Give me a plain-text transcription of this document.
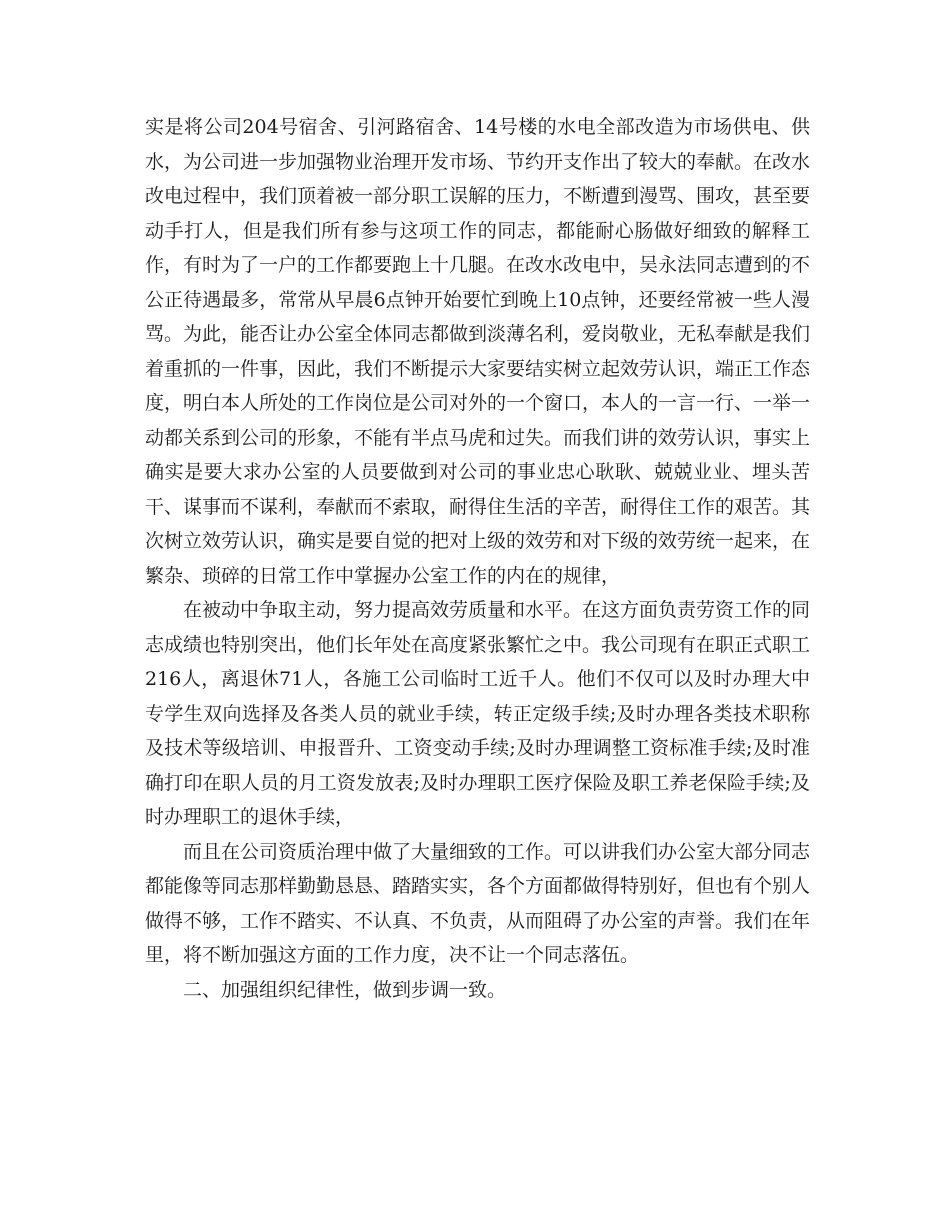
实是将公司204号宿舍、引河路宿舍、14号楼的水电全部改造为市场供电、供水，为公司进一步加强物业治理开发市场、节约开支作出了较大的奉献。在改水改电过程中，我们顶着被一部分职工误解的压力，不断遭到漫骂、围攻，甚至要动手打人，但是我们所有参与这项工作的同志，都能耐心肠做好细致的解释工作，有时为了一户的工作都要跑上十几腿。在改水改电中，吴永法同志遭到的不公正待遇最多，常常从早晨6点钟开始要忙到晚上10点钟，还要经常被一些人漫骂。为此，能否让办公室全体同志都做到淡薄名利，爱岗敬业，无私奉献是我们着重抓的一件事，因此，我们不断提示大家要结实树立起效劳认识，端正工作态度，明白本人所处的工作岗位是公司对外的一个窗口，本人的一言一行、一举一动都关系到公司的形象，不能有半点马虎和过失。而我们讲的效劳认识，事实上确实是要大求办公室的人员要做到对公司的事业忠心耿耿、兢兢业业、埋头苦干、谋事而不谋利，奉献而不索取，耐得住生活的辛苦，耐得住工作的艰苦。其次树立效劳认识，确实是要自觉的把对上级的效劳和对下级的效劳统一起来，在繁杂、琐碎的日常工作中掌握办公室工作的内在的规律，

在被动中争取主动，努力提高效劳质量和水平。在这方面负责劳资工作的同志成绩也特别突出，他们长年处在高度紧张繁忙之中。我公司现有在职正式职工216人，离退休71人，各施工公司临时工近千人。他们不仅可以及时办理大中专学生双向选择及各类人员的就业手续，转正定级手续;及时办理各类技术职称及技术等级培训、申报晋升、工资变动手续;及时办理调整工资标准手续;及时准确打印在职人员的月工资发放表;及时办理职工医疗保险及职工养老保险手续;及时办理职工的退休手续，

而且在公司资质治理中做了大量细致的工作。可以讲我们办公室大部分同志都能像等同志那样勤勤恳恳、踏踏实实，各个方面都做得特别好，但也有个别人做得不够，工作不踏实、不认真、不负责，从而阻碍了办公室的声誉。我们在年里，将不断加强这方面的工作力度，决不让一个同志落伍。

二、加强组织纪律性，做到步调一致。
